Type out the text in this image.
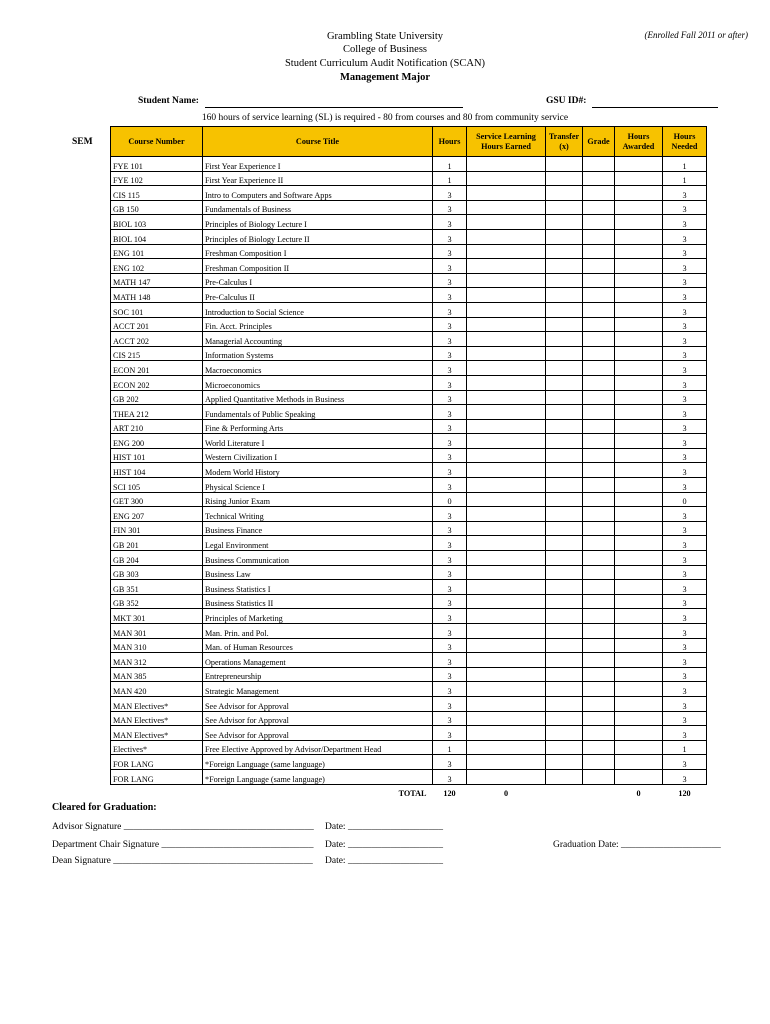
Grambling State University	(Enrolled Fall 2011 or after)
College of Business
Student Curriculum Audit Notification (SCAN)
Management Major
Student Name:	GSU ID#:
160 hours of service learning (SL) is required - 80 from courses and 80 from community service
SEM	Course Number	Course Title	Hours	Service Learning Hours Earned	Transfer (x)	Grade	Hours Awarded	Hours Needed
FYE 101	First Year Experience I	1					1
FYE 102	First Year Experience II	1					1
CIS 115	Intro to Computers and Software Apps	3					3
GB 150	Fundamentals of Business	3					3
BIOL 103	Principles of Biology Lecture I	3					3
BIOL 104	Principles of Biology Lecture II	3					3
ENG 101	Freshman Composition I	3					3
ENG 102	Freshman Composition II	3					3
MATH 147	Pre-Calculus I	3					3
MATH 148	Pre-Calculus II	3					3
SOC 101	Introduction to Social Science	3					3
ACCT 201	Fin. Acct. Principles	3					3
ACCT 202	Managerial Accounting	3					3
CIS 215	Information Systems	3					3
ECON 201	Macroeconomics	3					3
ECON 202	Microeconomics	3					3
GB 202	Applied Quantitative Methods in Business	3					3
THEA 212	Fundamentals of Public Speaking	3					3
ART 210	Fine & Performing Arts	3					3
ENG 200	World Literature I	3					3
HIST 101	Western Civilization I	3					3
HIST 104	Modern World History	3					3
SCI 105	Physical Science I	3					3
GET 300	Rising Junior Exam	0					0
ENG 207	Technical Writing	3					3
FIN 301	Business Finance	3					3
GB 201	Legal Environment	3					3
GB 204	Business Communication	3					3
GB 303	Business Law	3					3
GB 351	Business Statistics I	3					3
GB 352	Business Statistics II	3					3
MKT 301	Principles of Marketing	3					3
MAN 301	Man. Prin. and Pol.	3					3
MAN 310	Man. of Human Resources	3					3
MAN 312	Operations Management	3					3
MAN 385	Entrepreneurship	3					3
MAN 420	Strategic Management	3					3
MAN Electives*	See Advisor for Approval	3					3
MAN Electives*	See Advisor for Approval	3					3
MAN Electives*	See Advisor for Approval	3					3
Electives*	Free Elective Approved by Advisor/Department Head	1					1
FOR LANG	*Foreign Language (same language)	3					3
FOR LANG	*Foreign Language (same language)	3					3
	TOTAL	120	0			0	120
Cleared for Graduation:
Advisor Signature ________________________________________ Date: ____________________
Department Chair Signature ________________________________ Date: ____________________	Graduation Date: _____________________
Dean Signature __________________________________________ Date: ____________________
